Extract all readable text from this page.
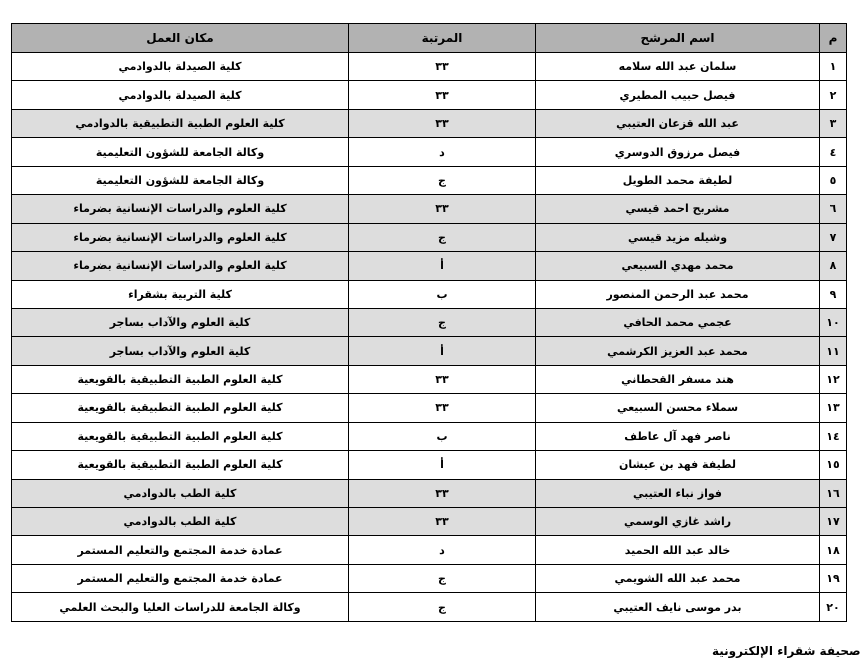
مكان العمل	المرتبة	اسم المرشح	م
كلية الصيدلة بالدوادمي	٣٣	سلمان عبد الله سلامه	١
كلية الصيدلة بالدوادمي	٣٣	فيصل حبيب المطيري	٢
كلية العلوم الطبية التطبيقية بالدوادمي	٣٣	عبد الله قزعان العتيبي	٣
وكالة الجامعة للشؤون التعليمية	د	فيصل مرزوق الدوسري	٤
وكالة الجامعة للشؤون التعليمية	ج	لطيفة محمد الطويل	٥
كلية العلوم والدراسات الإنسانية بضرماء	٣٣	مشربح احمد قيسي	٦
كلية العلوم والدراسات الإنسانية بضرماء	ج	وشيله مزيد قيسي	٧
كلية العلوم والدراسات الإنسانية بضرماء	أ	محمد مهدي السبيعي	٨
كلية التربية بشقراء	ب	محمد عبد الرحمن المنصور	٩
كلية العلوم والآداب بساجر	ج	عجمي محمد الحافي	١٠
كلية العلوم والآداب بساجر	أ	محمد عبد العزيز الكرشمي	١١
كلية العلوم الطبية التطبيقية بالقويعية	٣٣	هند مسفر القحطاني	١٢
كلية العلوم الطبية التطبيقية بالقويعية	٣٣	سملاء محسن السبيعي	١٣
كلية العلوم الطبية التطبيقية بالقويعية	ب	ناصر فهد آل عاطف	١٤
كلية العلوم الطبية التطبيقية بالقويعية	أ	لطيفة فهد بن عيشان	١٥
كلية الطب بالدوادمي	٣٣	فواز نباء العتيبي	١٦
كلية الطب بالدوادمي	٣٣	راشد غازي الوسمي	١٧
عمادة خدمة المجتمع والتعليم المستمر	د	خالد عبد الله الحميد	١٨
عمادة خدمة المجتمع والتعليم المستمر	ج	محمد عبد الله الشويمي	١٩
وكالة الجامعة للدراسات العليا والبحث العلمي	ج	بدر موسى نايف العتيبي	٢٠
صحيفة شقراء الإلكترونية
